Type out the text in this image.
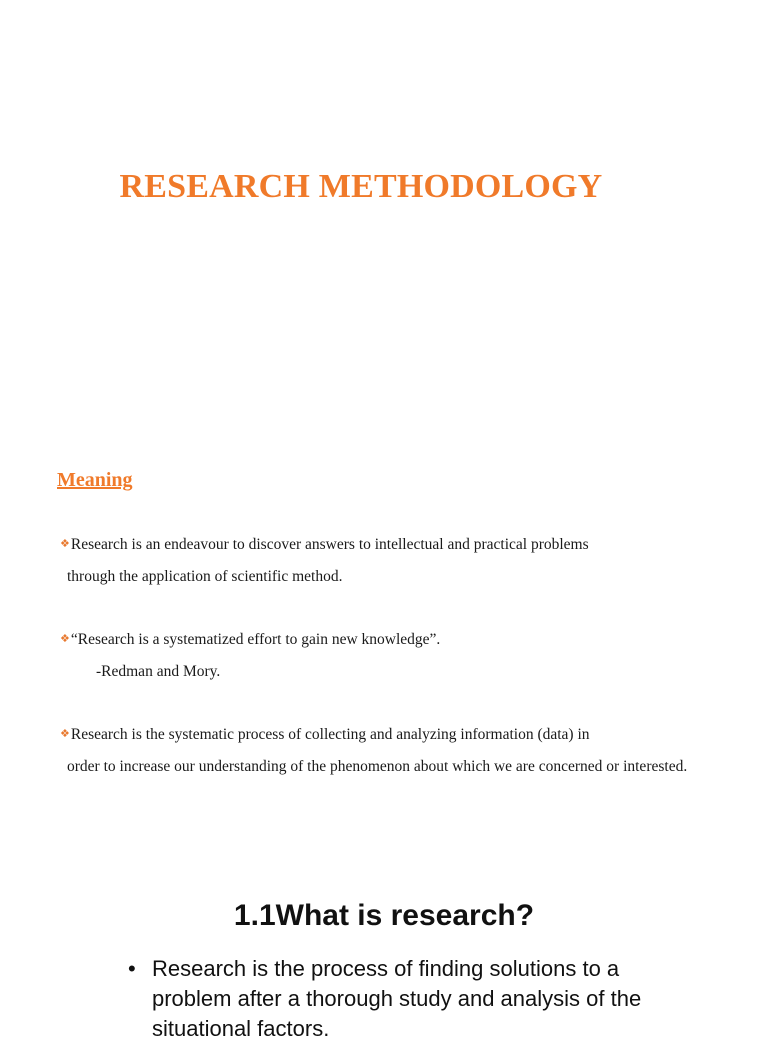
RESEARCH METHODOLOGY
Meaning

❖Research is an endeavour to discover answers to intellectual and practical problems
through the application of scientific method.

❖“Research is a systematized effort to gain new knowledge”.

-Redman and Mory.

❖Research is the systematic process of collecting and analyzing information (data) in
order to increase our understanding of the phenomenon about which we are concerned or interested.

1.1What is research?
• Research is the process of finding solutions to a problem after a thorough study and analysis of the situational factors.
